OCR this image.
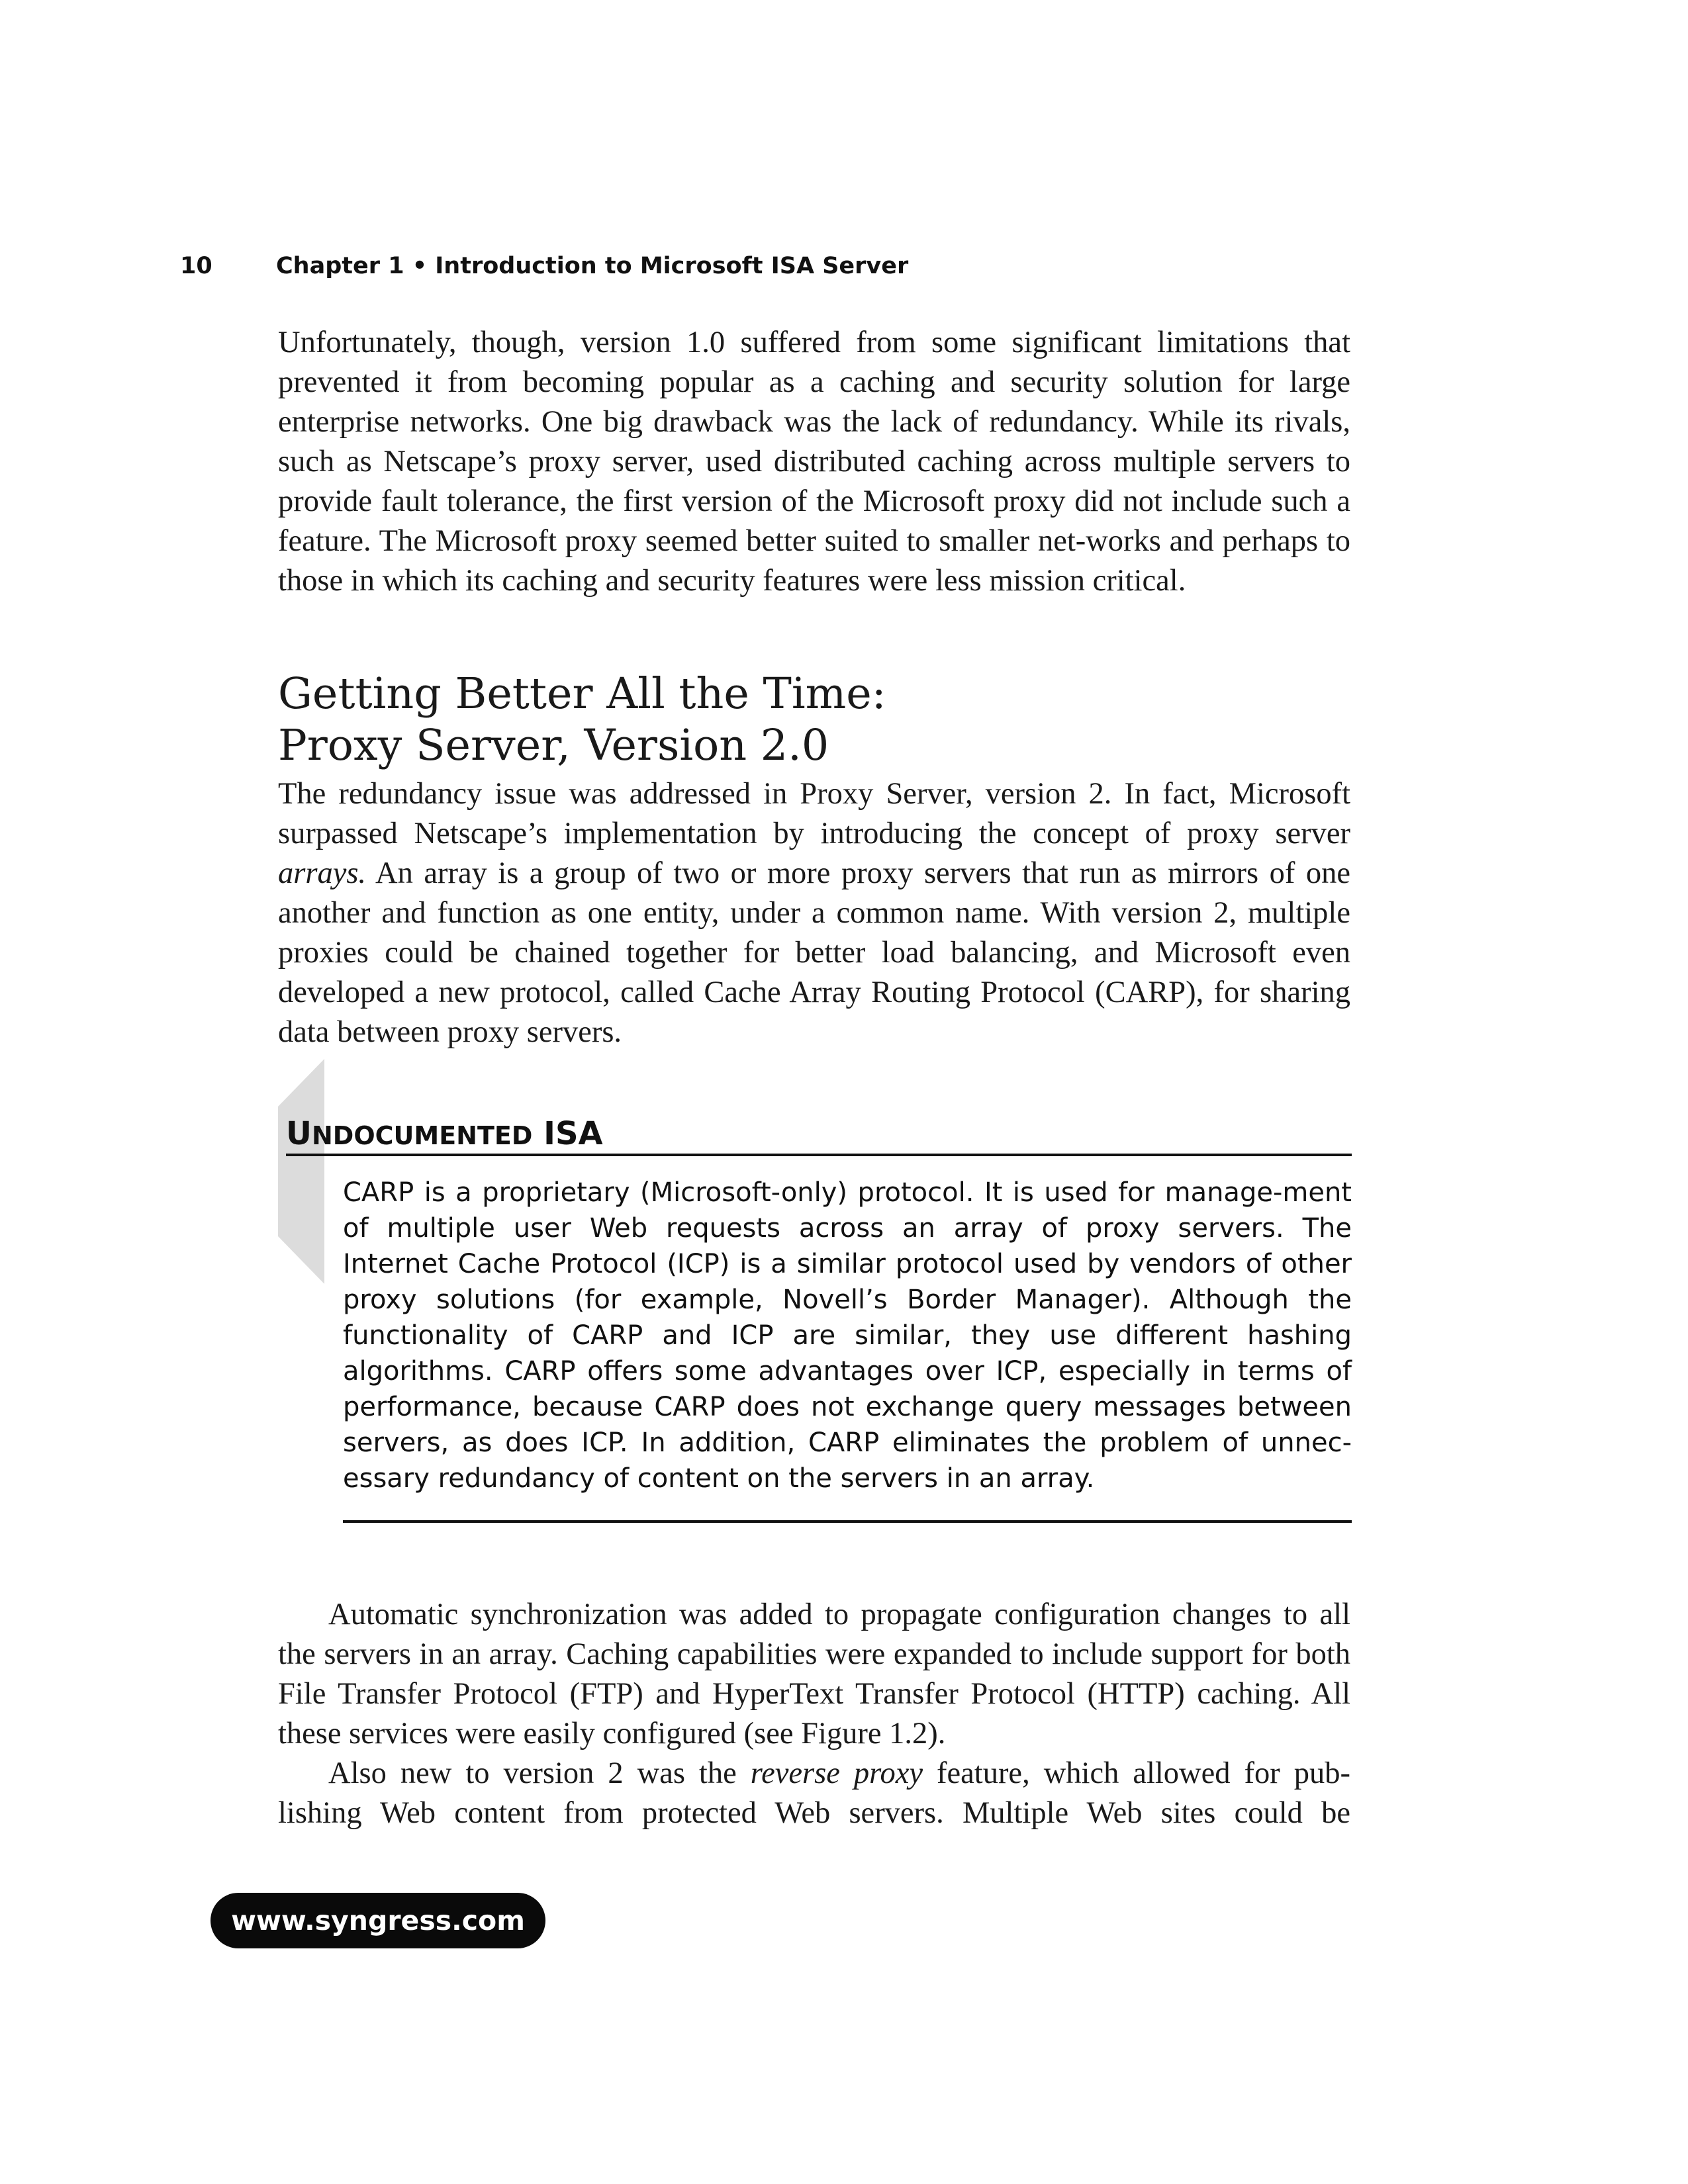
10	Chapter 1 • Introduction to Microsoft ISA Server

Unfortunately, though, version 1.0 suffered from some significant limitations that prevented it from becoming popular as a caching and security solution for large enterprise networks. One big drawback was the lack of redundancy. While its rivals, such as Netscape’s proxy server, used distributed caching across multiple servers to provide fault tolerance, the first version of the Microsoft proxy did not include such a feature. The Microsoft proxy seemed better suited to smaller net-works and perhaps to those in which its caching and security features were less mission critical.

Getting Better All the Time:
Proxy Server, Version 2.0

The redundancy issue was addressed in Proxy Server, version 2. In fact, Microsoft surpassed Netscape’s implementation by introducing the concept of proxy server arrays. An array is a group of two or more proxy servers that run as mirrors of one another and function as one entity, under a common name. With version 2, multiple proxies could be chained together for better load balancing, and Microsoft even developed a new protocol, called Cache Array Routing Protocol (CARP), for sharing data between proxy servers.

UNDOCUMENTED ISA

CARP is a proprietary (Microsoft-only) protocol. It is used for manage-ment of multiple user Web requests across an array of proxy servers. The Internet Cache Protocol (ICP) is a similar protocol used by vendors of other proxy solutions (for example, Novell’s Border Manager). Although the functionality of CARP and ICP are similar, they use different hashing algorithms. CARP offers some advantages over ICP, especially in terms of performance, because CARP does not exchange query messages between servers, as does ICP. In addition, CARP eliminates the problem of unnec-essary redundancy of content on the servers in an array.

Automatic synchronization was added to propagate configuration changes to all the servers in an array. Caching capabilities were expanded to include support for both File Transfer Protocol (FTP) and HyperText Transfer Protocol (HTTP) caching. All these services were easily configured (see Figure 1.2).

Also new to version 2 was the reverse proxy feature, which allowed for pub-lishing Web content from protected Web servers. Multiple Web sites could be

www.syngress.com
